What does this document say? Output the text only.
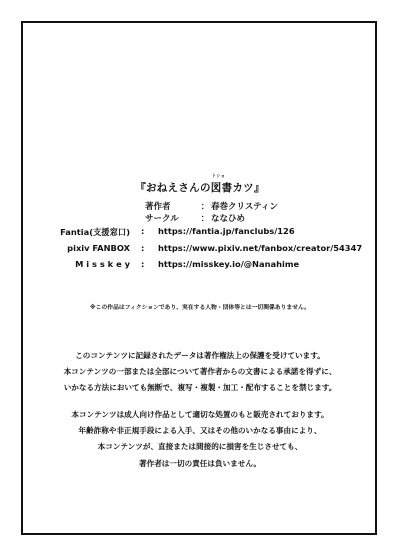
トショ
『おねえさんの図書カツ』
著作者	： 春巻クリスティン
サークル	： ななひめ
Fantia(支援窓口) : https://fantia.jp/fanclubs/126
pixiv FANBOX : https://www.pixiv.net/fanbox/creator/54347
M i s s k e y : https://misskey.io/@Nanahime
※この作品はフィクションであり、実在する人物・団体等とは一切関係ありません。
このコンテンツに記録されたデータは著作権法上の保護を受けています。
本コンテンツの一部または全部について著作者からの文書による承諾を得ずに、
いかなる方法においても無断で、複写・複製・加工・配布することを禁じます。
本コンテンツは成人向け作品として適切な処置のもと販売されております。
年齢詐称や非正規手段による入手、又はその他のいかなる事由により、
本コンテンツが、直接または間接的に損害を生じさせても、
著作者は一切の責任は負いません。
